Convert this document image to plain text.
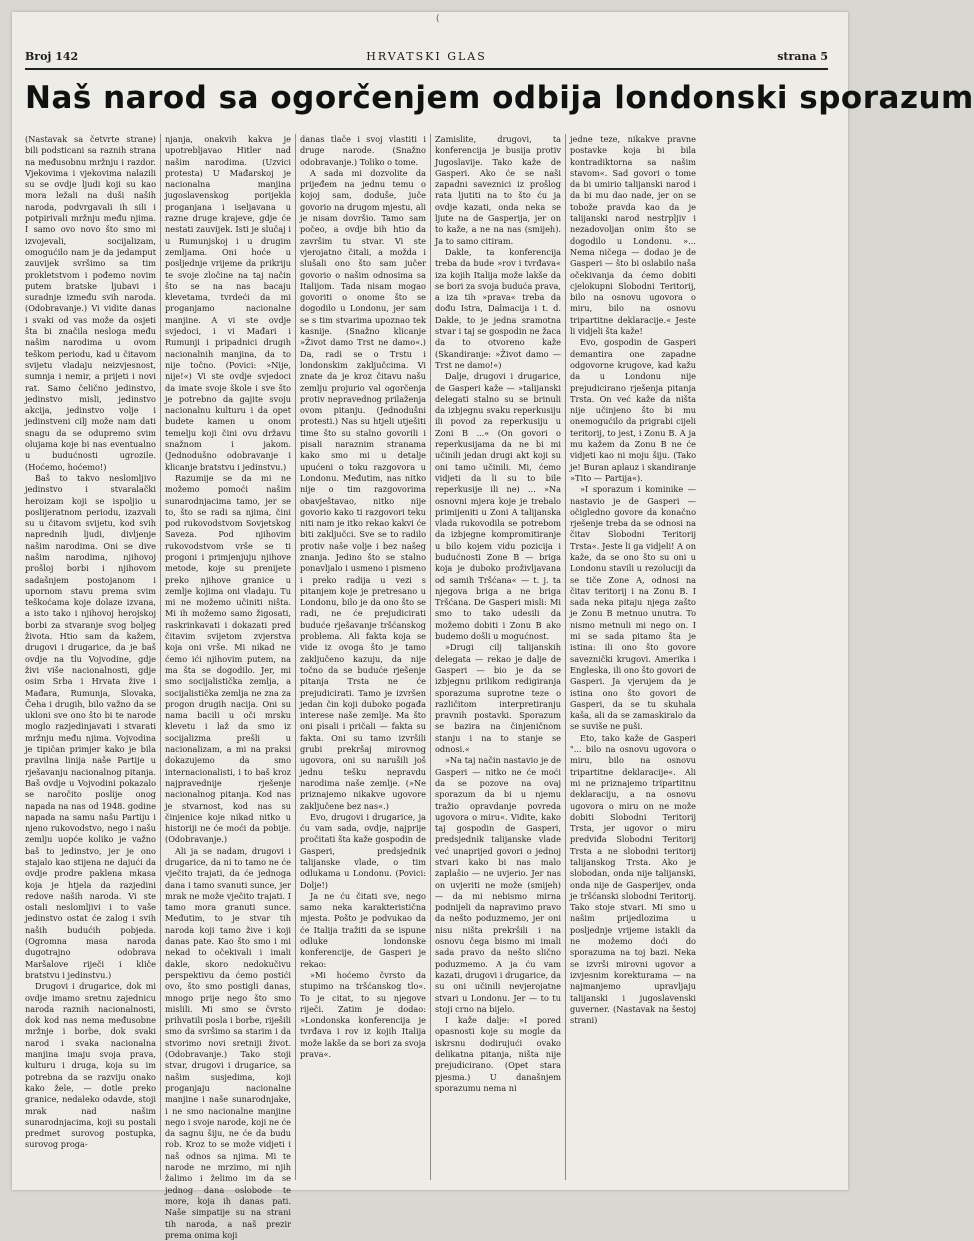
(
Broj 142	HRVATSKI GLAS	strana 5
Naš narod sa ogorčenjem odbija londonski sporazum

(Nastavak sa četvrte strane) bili podsticani sa raznih strana na međusobnu mržnju i razdor. Vjekovima i vjekovima nalazili su se ovdje ljudi koji su kao mora ležali na duši naših naroda, podvrgavali ih sili i potpirivali mržnju među njima. I samo ovo novo što smo mi izvojevali, socijalizam, omogućilo nam je da jedamput zauvijek svršimo sa tim prokletstvom i pođemo novim putem bratske ljubavi i suradnje između svih naroda. (Odobravanje.) Vi vidite danas i svaki od vas može da osjeti šta bi značila nesloga među našim narodima u ovom teškom periodu, kad u čitavom svijetu vladaju neizvjesnost, sumnja i nemir, a prijeti i novi rat. Samo čelično jedinstvo, jedinstvo misli, jedinstvo akcija, jedinstvo volje i jedinstveni cilj može nam dati snagu da se odupremo svim olujama koje bi nas eventualno u budućnosti ugrozile. (Hoćemo, hoćemo!)

Baš to takvo neslomljivo jedinstvo i stvaralački heroizam koji se ispoljio u poslijeratnom periodu, izazvali su u čitavom svijetu, kod svih naprednih ljudi, divljenje našim narodima. Oni se dive našim narodima, njihovoj prošloj borbi i njihovom sadašnjem postojanom i upornom stavu prema svim teškoćama koje dolaze izvana, a isto tako i njihovoj herojskoj borbi za stvaranje svog boljeg života. Htio sam da kažem, drugovi i drugarice, da je baš ovdje na tlu Vojvodine, gdje živi više nacionalnosti, gdje osim Srba i Hrvata žive i Mađara, Rumunja, Slovaka, Čeha i drugih, bilo važno da se ukloni sve ono što bi te narode moglo razjedinjavati i stvarati mržnju među njima. Vojvodina je tipičan primjer kako je bila pravilna linija naše Partije u rješavanju nacionalnog pitanja. Baš ovdje u Vojvodini pokazalo se naročito poslije onog napada na nas od 1948. godine napada na samu našu Partiju i njeno rukovodstvo, nego i našu zemlju uopće koliko je važno baš to jedinstvo, jer je ono stajalo kao stijena ne dajući da ovdje prodre paklena mkasa koja je htjela da razjedini redove naših naroda. Vi ste ostali neslomljivi i to vaše jedinstvo ostat će zalog i svih naših budućih pobjeda. (Ogromna masa naroda dugotrajno odobrava Maršalove riječi i kliče bratstvu i jedinstvu.)

Drugovi i drugarice, dok mi ovdje imamo sretnu zajednicu naroda raznih nacionalnosti, dok kod nas nema međusobne mržnje i borbe, dok svaki narod i svaka nacionalna manjina imaju svoja prava, kulturu i druga, koja su im potrebna da se razviju onako kako žele, — dotle preko granice, nedaleko odavde, stoji mrak nad našim sunarodnjacima, koji su postali predmet surovog postupka, surovog proga-

njanja, onakvih kakva je upotrebljavao Hitler nad našim narodima. (Uzvici protesta) U Mađarskoj je nacionalna manjina jugoslavenskog porijekla proganjana i iseljavana u razne druge krajeve, gdje će nestati zauvijek. Isti je slučaj i u Rumunjskoj i u drugim zemljama. Oni hoće u posljednje vrijeme da prikriju te svoje zločine na taj način što se na nas bacaju klevetama, tvrdeći da mi proganjamo nacionalne manjine. A vi ste ovdje svjedoci, i vi Mađari i Rumunji i pripadnici drugih nacionalnih manjina, da to nije točno. (Povici: »Nije, nije!«) Vi ste ovdje svjedoci da imate svoje škole i sve što je potrebno da gajite svoju nacionalnu kulturu i da opet budete kamen u onom temelju koji čini ovu državu snažnom i jakom. (Jednodušno odobravanje i klicanje bratstvu i jedinstvu.)

Razumije se da mi ne možemo pomoći našim sunarodnjacima tamo, jer se to, što se radi sa njima, čini pod rukovodstvom Sovjetskog Saveza. Pod njihovim rukovodstvom vrše se ti progoni i primjenjuju njihove metode, koje su prenijete preko njihove granice u zemlje kojima oni vladaju. Tu mi ne možemo učiniti ništa. Mi ih možemo samo žigosati, raskrinkavati i dokazati pred čitavim svijetom zvjerstva koja oni vrše. Mi nikad ne ćemo ići njihovim putem, na ma šta se dogodilo. Jer, mi smo socijalistička zemlja, a socijalistička zemlja ne zna za progon drugih nacija. Oni su nama bacili u oči mrsku klevetu i laž da smo iz socijalizma prešli u nacionalizam, a mi na praksi dokazujemo da smo internacionalisti, i to baš kroz najpravednije rješenje nacionalnog pitanja. Kod nas je stvarnost, kod nas su činjenice koje nikad nitko u historiji ne će moći da pobije. (Odobravanje.)

Ali ja se nadam, drugovi i drugarice, da ni to tamo ne će vječito trajati, da će jednoga dana i tamo svanuti sunce, jer mrak ne može vječito trajati. I tamo mora granuti sunce. Međutim, to je stvar tih naroda koji tamo žive i koji danas pate. Kao što smo i mi nekad to očekivali i imali dakle, skoro nedokučivu perspektivu da ćemo postići ovo, što smo postigli danas, mnogo prije nego što smo mislili. Mi smo se čvrsto prihvatili posla i borbe, riješili smo da svršimo sa starim i da stvorimo novi sretniji život. (Odobravanje.) Tako stoji stvar, drugovi i drugarice, sa našim susjedima, koji proganjaju nacionalne manjine i naše sunarodnjake, i ne smo nacionalne manjine nego i svoje narode, koji ne će da sagnu šiju, ne će da budu rob. Kroz to se može vidjeti i naš odnos sa njima. Mi te narode ne mrzimo, mi njih žalimo i želimo im da se jednog dana oslobode te more, koja ih danas pati. Naše simpatije su na strani tih naroda, a naš prezir prema onima koji

danas tlače i svoj vlastiti i druge narode. (Snažno odobravanje.) Toliko o tome.

A sada mi dozvolite da prijeđem na jednu temu o kojoj sam, doduše, juče govorio na drugom mjestu, ali je nisam dovršio. Tamo sam počeo, a ovdje bih htio da završim tu stvar. Vi ste vjerojatno čitali, a možda i slušali ono što sam jučer govorio o našim odnosima sa Italijom. Tada nisam mogao govoriti o onome što se dogodilo u Londonu, jer sam se s tim stvarima upoznao tek kasnije. (Snažno klicanje »Život damo Trst ne damo«.) Da, radi se o Trstu i londonskim zaključcima. Vi znate da je kroz čitavu našu zemlju projurio val ogorčenja protiv nepravednog prilaženja ovom pitanju. (Jednodušni protesti.) Nas su htjeli utješiti time što su stalno govorili i pisali naraznim stranama kako smo mi u detalje upućeni o toku razgovora u Londonu. Međutim, nas nitko nije o tim razgovorima obavještavao, nitko nije govorio kako ti razgovori teku niti nam je itko rekao kakvi će biti zaključci. Sve se to radilo protiv naše volje i bez našeg znanja. Jedino što se stalno ponavljalo i usmeno i pismeno i preko radija u vezi s pitanjem koje je pretresano u Londonu, bilo je da ono što se radi, ne će prejudicirati buduće rješavanje tršćanskog problema. Ali fakta koja se vide iz ovoga što je tamo zaključeno kazuju, da nije točno da se buduće rješenje pitanja Trsta ne će prejudicirati. Tamo je izvršen jedan čin koji duboko pogađa interese naše zemlje. Ma što oni pisali i pričali — fakta su fakta. Oni su tamo izvršili grubi prekršaj mirovnog ugovora, oni su narušili još jednu tešku nepravdu narodima naše zemlje. (»Ne priznajemo nikakve ugovore zaključene bez nas«.)

Evo, drugovi i drugarice, ja ću vam sada, ovdje, najprije pročitati šta kaže gospodin de Gasperi, predsjednik talijanske vlade, o tim odlukama u Londonu. (Povici: Dolje!)

Ja ne ću čitati sve, nego samo neka karakteristična mjesta. Pošto je podvukao da će Italija tražiti da se ispune odluke londonske konferencije, de Gasperi je rekao:

»Mi hoćemo čvrsto da stupimo na tršćanskog tlo«. To je citat, to su njegove riječi. Zatim je dodao: »Londonska konferencija je tvrđava i rov iz kojih Italija može lakše da se bori za svoja prava«.

Zamislite, drugovi, ta konferencija je busija protiv Jugoslavije. Tako kaže de Gasperi. Ako će se naši zapadni saveznici iz prošlog rata ljutiti na to što ću ja ovdje kazati, onda neka se ljute na de Gasperija, jer on to kaže, a ne na nas (smijeh). Ja to samo citiram.

Dakle, ta konferencija treba da bude »rov i tvrđava« iza kojih Italija može lakše da se bori za svoja buduća prava, a iza tih »prava« treba da dođu Istra, Dalmacija i t. d. Dakle, to je jedna sramotna stvar i taj se gospodin ne žaca da to otvoreno kaže (Skandiranje: »Život damo — Trst ne damo!«)

Dalje, drugovi i drugarice, de Gasperi kaže — »talijanski delegati stalno su se brinuli da izbjegnu svaku reperkusiju ili povod za reperkusiju u Zoni B ...« (On govori o reperkusijama da ne bi mi učinili jedan drugi akt koji su oni tamo učinili. Mi, ćemo vidjeti da li su to bile reperkusije ili ne) ... »Na osnovni mjera koje je trebalo primijeniti u Zoni A talijanska vlada rukovodila se potrebom da izbjegne kompromitiranje u bilo kojem vidu pozicija i budućnosti Zone B — briga koja je duboko proživljavana od samih Tršćana« — t. j. ta njegova briga a ne briga Tršćana. De Gasperi misli: Mi smo to tako udesili da možemo dobiti i Zonu B ako budemo došli u mogućnost.

»Drugi cilj talijanskih delegata — rekao je dalje de Gasperi — bio je da se izbjegnu prilikom redigiranja sporazuma suprotne teze o različitom interpretiranju pravnih postavki. Sporazum se bazira na činjeničnom stanju i na to stanje se odnosi.«

»Na taj način nastavio je de Gasperi — nitko ne će moći da se pozove na ovaj sporazum da bi u njemu tražio opravdanje povreda ugovora o miru«. Vidite, kako taj gospodin de Gasperi, predsjednik talijanske vlade već unaprijed govori o jednoj stvari kako bi nas malo zaplašio — ne uvjerio. Jer nas on uvjeriti ne može (smijeh) — da mi nebismo mirna podnijeli da napravimo pravo da nešto poduzmemo, jer oni nisu ništa prekršili i na osnovu čega bismo mi imali sada pravo da nešto slično poduzmemo. A ja ću vam kazati, drugovi i drugarice, da su oni učinili nevjerojatne stvari u Londonu. Jer — to tu stoji crno na bijelo.

I kaže dalje: »I pored opasnosti koje su mogle da iskrsnu dodirujući ovako delikatna pitanja, ništa nije prejudicirano. (Opet stara pjesma.) U današnjem sporazumu nema ni

jedne teze, nikakve pravne postavke koja bi bila kontradiktorna sa našim stavom«. Sad govori o tome da bi umirio talijanski narod i da bi mu dao nade, jer on se tobože pravda kao da je talijanski narod nestrpljiv i nezadovoljan onim što se dogodilo u Londonu. »... Nema ničega — dodao je de Gasperi — što bi oslabilo naša očekivanja da ćemo dobiti cjelokupni Slobodni Teritorij, bilo na osnovu ugovora o miru, bilo na osnovu tripartitne deklaracije.« Jeste li vidjeli šta kaže!

Evo, gospodin de Gasperi demantira one zapadne odgovorne krugove, kad kažu da u Londonu nije prejudicirano rješenja pitanja Trsta. On već kaže da ništa nije učinjeno što bi mu onemogućilo da prigrabi cijeli teritorij, to jest, i Zonu B. A ja mu kažem da Zonu B ne će vidjeti kao ni moju šiju. (Tako je! Buran aplauz i skandiranje »Tito — Partija«).

»I sporazum i kominike — nastavio je de Gasperi — očigledno govore da konačno rješenje treba da se odnosi na čitav Slobodni Teritorij Trsta«. Jeste li ga vidjeli! A on kaže, da se ono što su oni u Londonu stavili u rezoluciji da se tiče Zone A, odnosi na čitav teritorij i na Zonu B. I sada neka pitaju njega zašto je Zonu B metnuo unutra. To nismo metnuli mi nego on. I mi se sada pitamo šta je istina: ili ono što govore saveznički krugovi. Amerika i Engleska, ili ono što govori de Gasperi. Ja vjerujem da je istina ono što govori de Gasperi, da se tu skuhala kaša, ali da se zamaskiralo da se suviše ne puši.

Eto, tako kaže de Gasperi "... bilo na osnovu ugovora o miru, bilo na osnovu tripartitne deklaracije«. Ali mi ne priznajemo tripartitnu deklaraciju, a na osnovu ugovora o miru on ne može dobiti Slobodni Teritorij Trsta, jer ugovor o miru predviđa Slobodni Teritorij Trsta a ne slobodni teritorij talijanskog Trsta. Ako je slobodan, onda nije talijanski, onda nije de Gasperijev, onda je tršćanski slobodni Teritorij. Tako stoje stvari. Mi smo u našim prijedlozima u posljednje vrijeme istakli da ne možemo doći do sporazuma na toj bazi. Neka se izvrši mirovni ugovor a izvjesnim korekturama — na najmanjemo upravljaju talijanski i jugoslavenski guverner. (Nastavak na šestoj strani)
